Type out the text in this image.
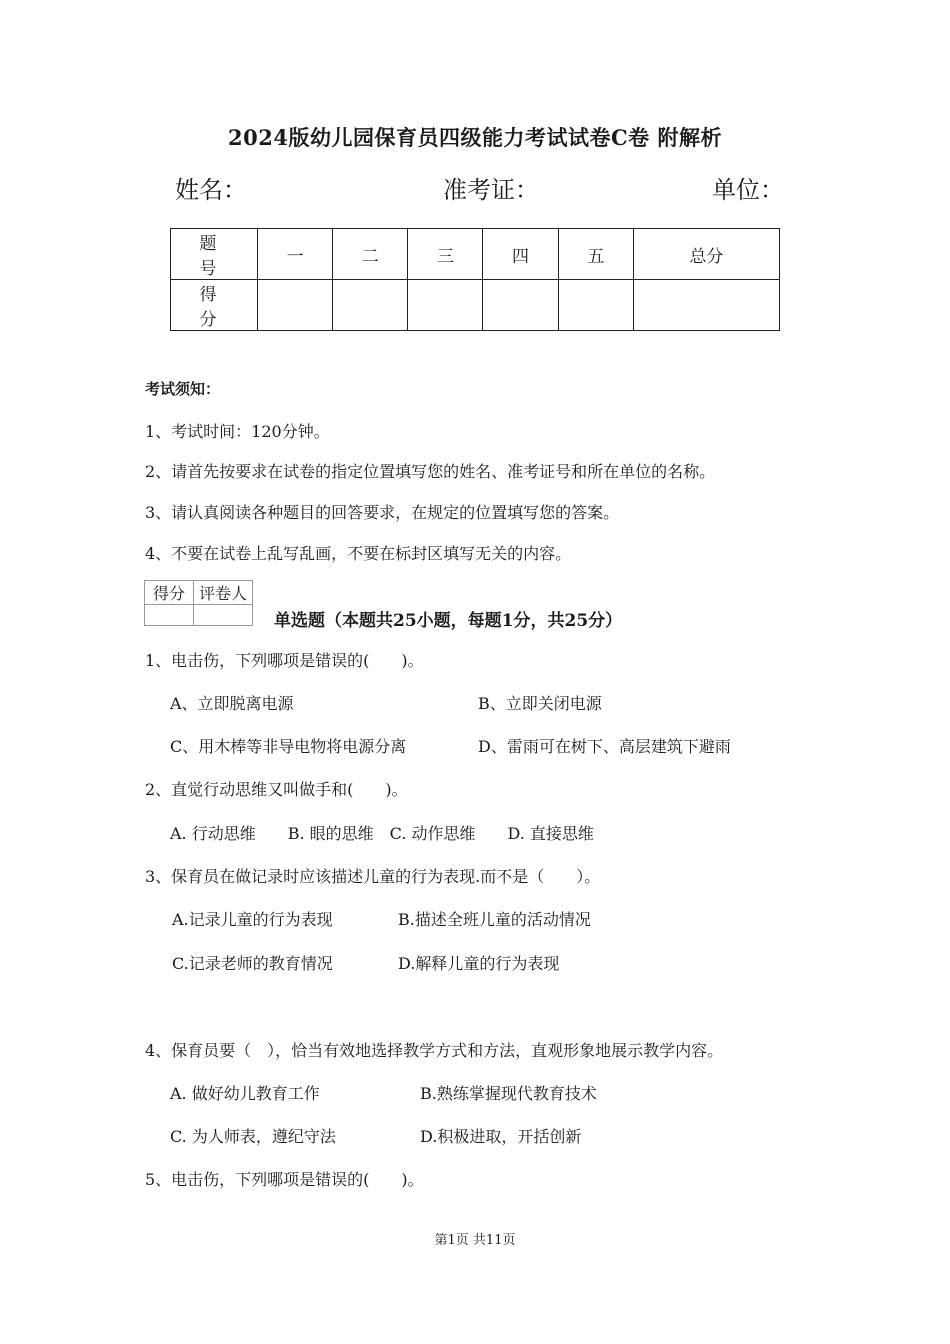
2024版幼儿园保育员四级能力考试试卷C卷 附解析
姓名：	准考证：	单位：
题　号	一	二	三	四	五	总分
得　分						
考试须知：
1、考试时间：120分钟。
2、请首先按要求在试卷的指定位置填写您的姓名、准考证号和所在单位的名称。
3、请认真阅读各种题目的回答要求，在规定的位置填写您的答案。
4、不要在试卷上乱写乱画，不要在标封区填写无关的内容。
得分	评卷人

单选题（本题共25小题，每题1分，共25分）
1、电击伤，下列哪项是错误的(　　)。
A、立即脱离电源	B、立即关闭电源
C、用木棒等非导电物将电源分离	D、雷雨可在树下、高层建筑下避雨
2、直觉行动思维又叫做手和(　　)。
A. 行动思维　　B. 眼的思维　C. 动作思维　　D. 直接思维
3、保育员在做记录时应该描述儿童的行为表现.而不是（　　）。
A.记录儿童的行为表现	B.描述全班儿童的活动情况
C.记录老师的教育情况	D.解释儿童的行为表现
4、保育员要（　），恰当有效地选择教学方式和方法，直观形象地展示教学内容。
A. 做好幼儿教育工作	B.熟练掌握现代教育技术
C. 为人师表，遵纪守法	D.积极进取，开括创新
5、电击伤，下列哪项是错误的(　　)。
第1页 共11页
